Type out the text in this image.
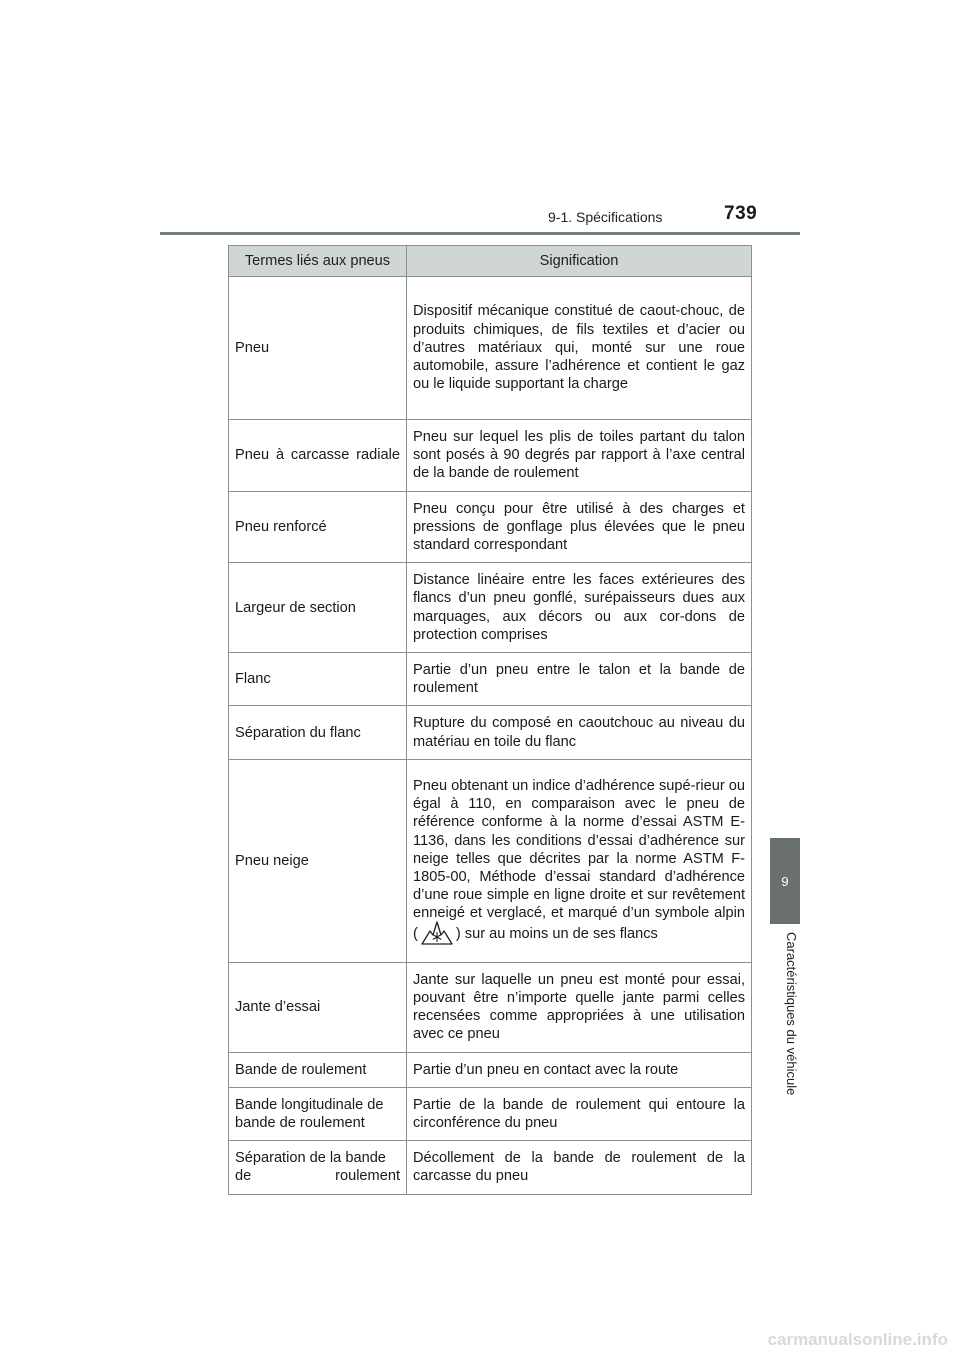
9-1. Spécifications	739
9
Caractéristiques du véhicule
Termes liés aux pneus	Signification
Pneu	Dispositif mécanique constitué de caout-chouc, de produits chimiques, de fils textiles et d’acier ou d’autres matériaux qui, monté sur une roue automobile, assure l’adhérence et contient le gaz ou le liquide supportant la charge
Pneu à carcasse radiale	Pneu sur lequel les plis de toiles partant du talon sont posés à 90 degrés par rapport à l’axe central de la bande de roulement
Pneu renforcé	Pneu conçu pour être utilisé à des charges et pressions de gonflage plus élevées que le pneu standard correspondant
Largeur de section	Distance linéaire entre les faces extérieures des flancs d’un pneu gonflé, surépaisseurs dues aux marquages, aux décors ou aux cor-dons de protection comprises
Flanc	Partie d’un pneu entre le talon et la bande de roulement
Séparation du flanc	Rupture du composé en caoutchouc au niveau du matériau en toile du flanc
Pneu neige	Pneu obtenant un indice d’adhérence supé-rieur ou égal à 110, en comparaison avec le pneu de référence conforme à la norme d’essai ASTM E-1136, dans les conditions d’essai d’adhérence sur neige telles que décrites par la norme ASTM F-1805-00, Méthode d’essai standard d’adhérence d’une roue simple en ligne droite et sur revêtement enneigé et verglacé, et marqué d’un symbole alpin ( ) sur au moins un de ses flancs
Jante d’essai	Jante sur laquelle un pneu est monté pour essai, pouvant être n’importe quelle jante parmi celles recensées comme appropriées à une utilisation avec ce pneu
Bande de roulement	Partie d’un pneu en contact avec la route
Bande longitudinale de bande de roulement	Partie de la bande de roulement qui entoure la circonférence du pneu
Séparation de la bande de roulement	Décollement de la bande de roulement de la carcasse du pneu
carmanualsonline.info
